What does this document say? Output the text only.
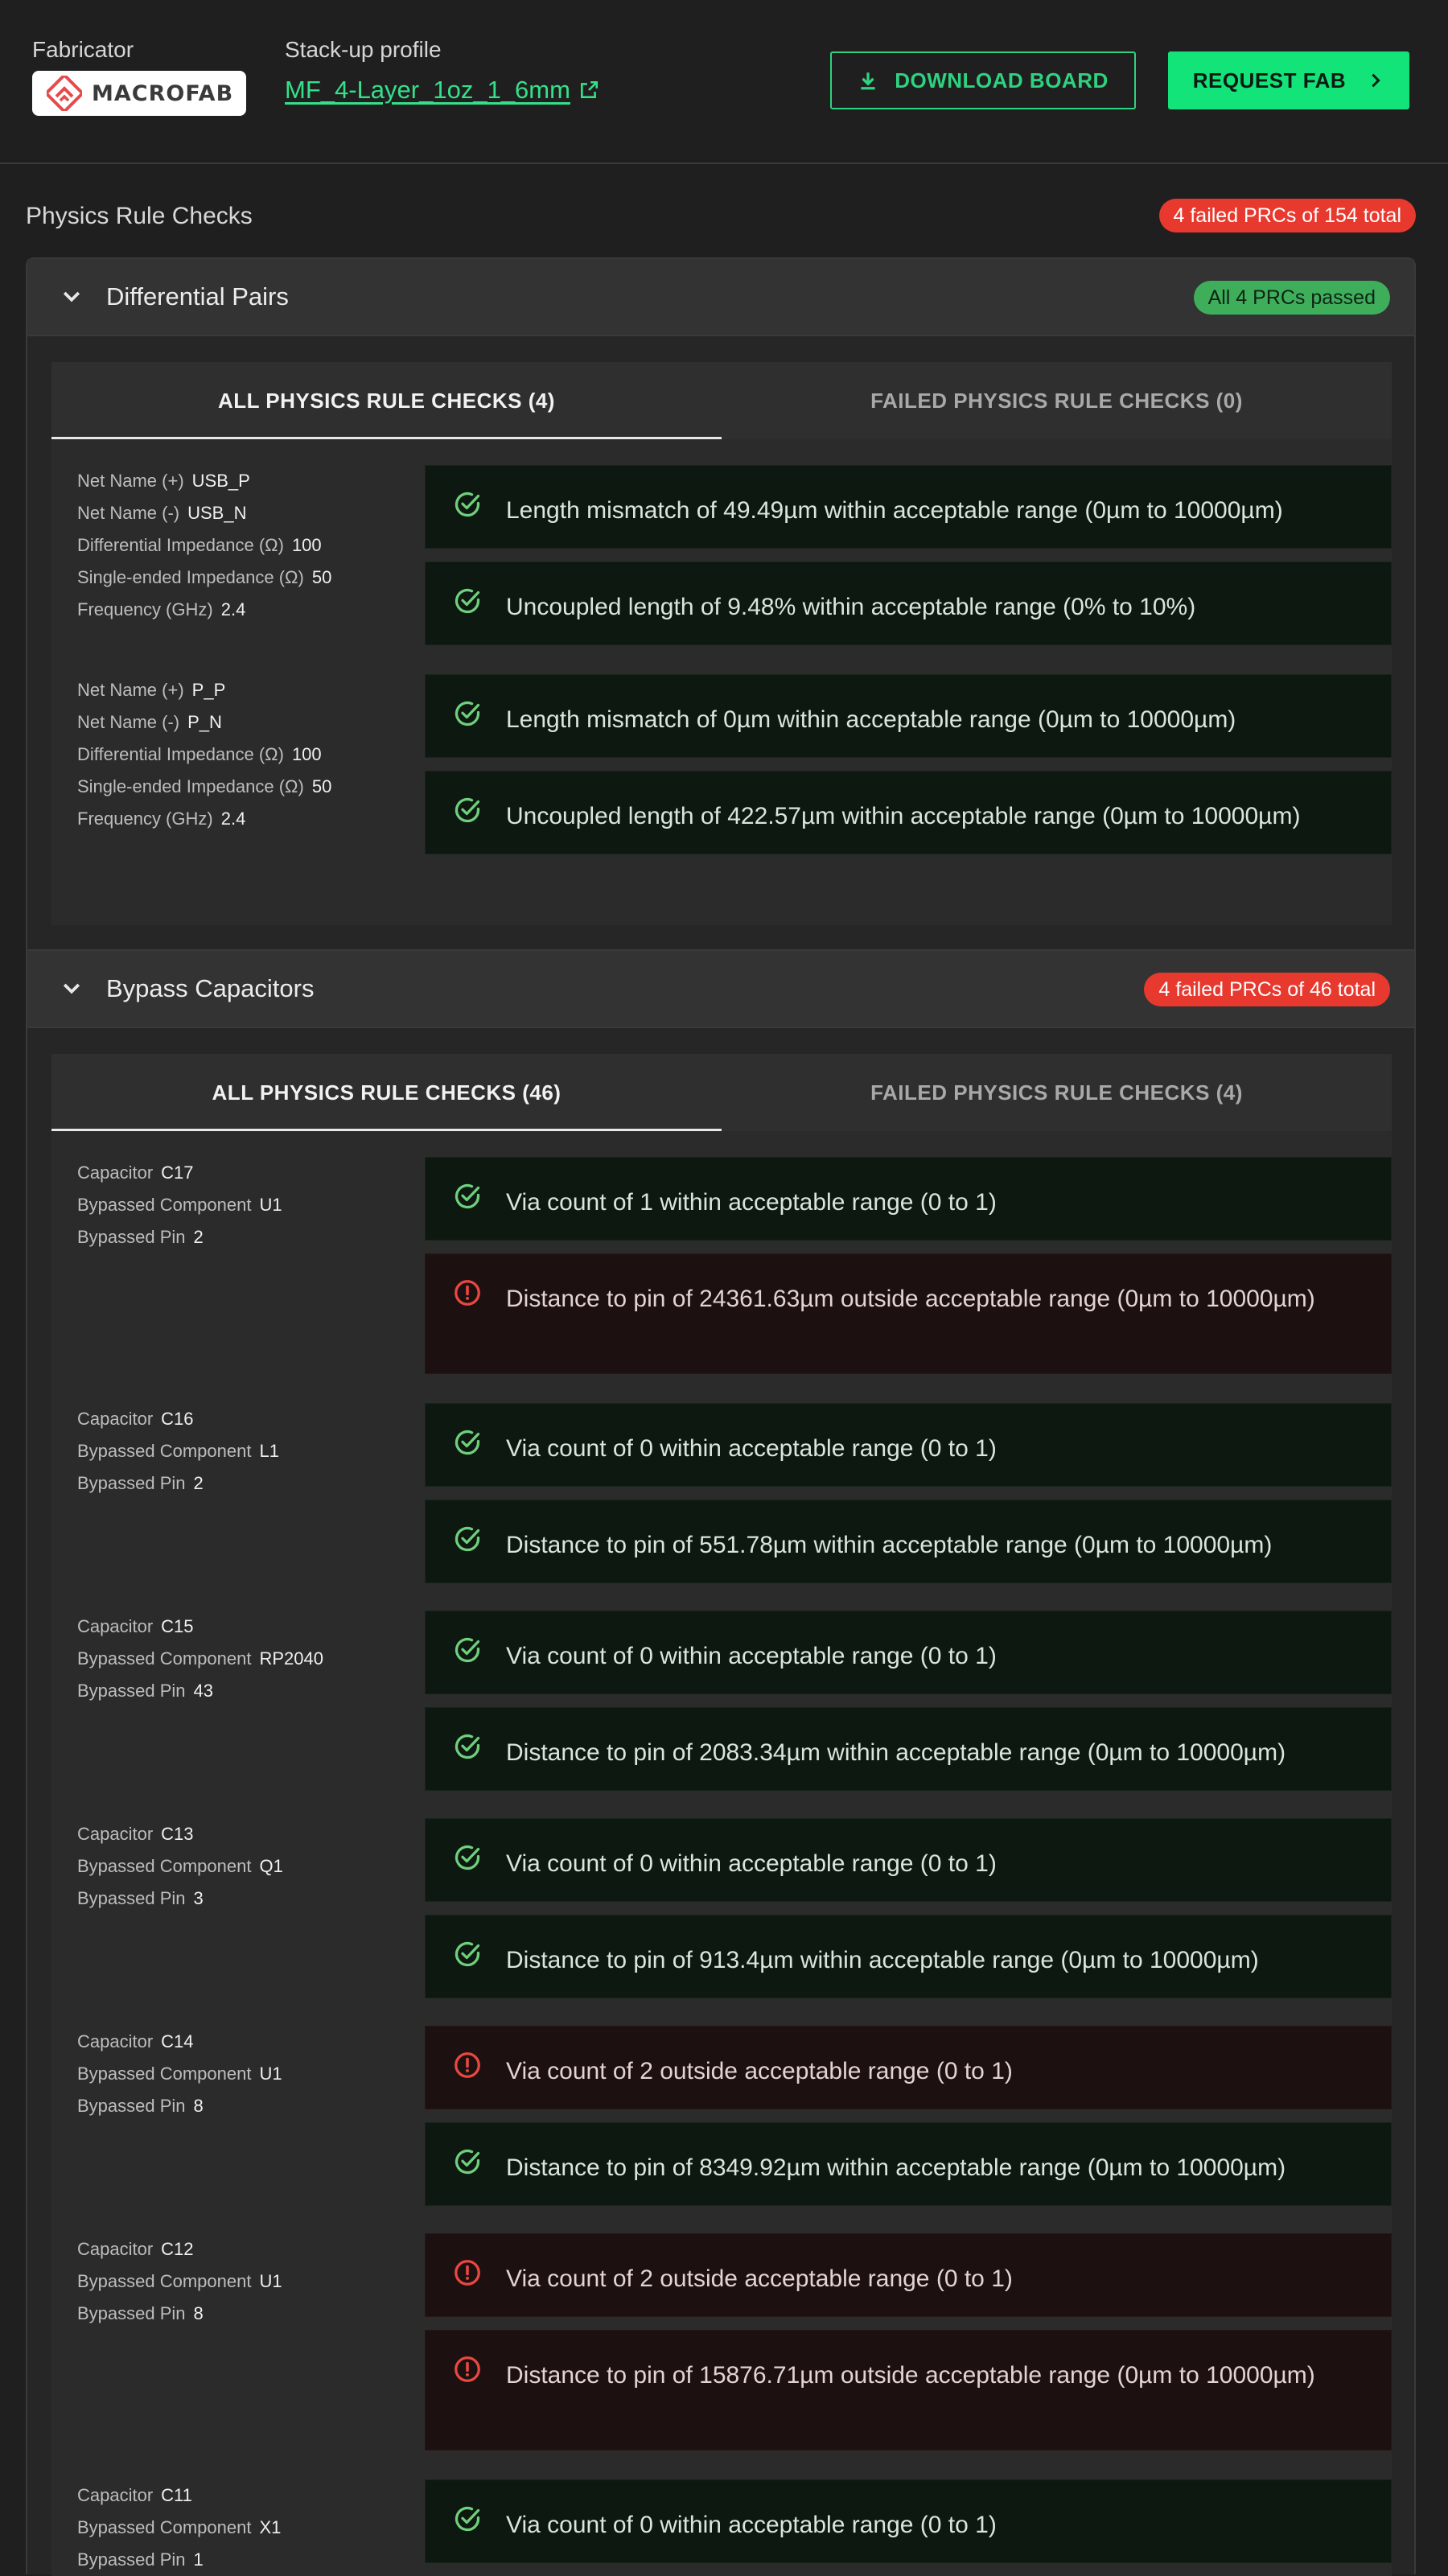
Fabricator
MACROFAB
Stack-up profile
MF_4-Layer_1oz_1_6mm	DOWNLOAD BOARD	REQUEST FAB
Physics Rule Checks	4 failed PRCs of 154 total
Differential Pairs	All 4 PRCs passed
ALL PHYSICS RULE CHECKS (4)	FAILED PHYSICS RULE CHECKS (0)
Net Name (+) USB_P
Net Name (-) USB_N
Differential Impedance (Ω) 100
Single-ended Impedance (Ω) 50
Frequency (GHz) 2.4
Length mismatch of 49.49µm within acceptable range (0µm to 10000µm)
Uncoupled length of 9.48% within acceptable range (0% to 10%)
Net Name (+) P_P
Net Name (-) P_N
Differential Impedance (Ω) 100
Single-ended Impedance (Ω) 50
Frequency (GHz) 2.4
Length mismatch of 0µm within acceptable range (0µm to 10000µm)
Uncoupled length of 422.57µm within acceptable range (0µm to 10000µm)
Bypass Capacitors	4 failed PRCs of 46 total
ALL PHYSICS RULE CHECKS (46)	FAILED PHYSICS RULE CHECKS (4)
Capacitor C17
Bypassed Component U1
Bypassed Pin 2
Via count of 1 within acceptable range (0 to 1)
Distance to pin of 24361.63µm outside acceptable range (0µm to 10000µm)
Capacitor C16
Bypassed Component L1
Bypassed Pin 2
Via count of 0 within acceptable range (0 to 1)
Distance to pin of 551.78µm within acceptable range (0µm to 10000µm)
Capacitor C15
Bypassed Component RP2040
Bypassed Pin 43
Via count of 0 within acceptable range (0 to 1)
Distance to pin of 2083.34µm within acceptable range (0µm to 10000µm)
Capacitor C13
Bypassed Component Q1
Bypassed Pin 3
Via count of 0 within acceptable range (0 to 1)
Distance to pin of 913.4µm within acceptable range (0µm to 10000µm)
Capacitor C14
Bypassed Component U1
Bypassed Pin 8
Via count of 2 outside acceptable range (0 to 1)
Distance to pin of 8349.92µm within acceptable range (0µm to 10000µm)
Capacitor C12
Bypassed Component U1
Bypassed Pin 8
Via count of 2 outside acceptable range (0 to 1)
Distance to pin of 15876.71µm outside acceptable range (0µm to 10000µm)
Capacitor C11
Bypassed Component X1
Bypassed Pin 1
Via count of 0 within acceptable range (0 to 1)
